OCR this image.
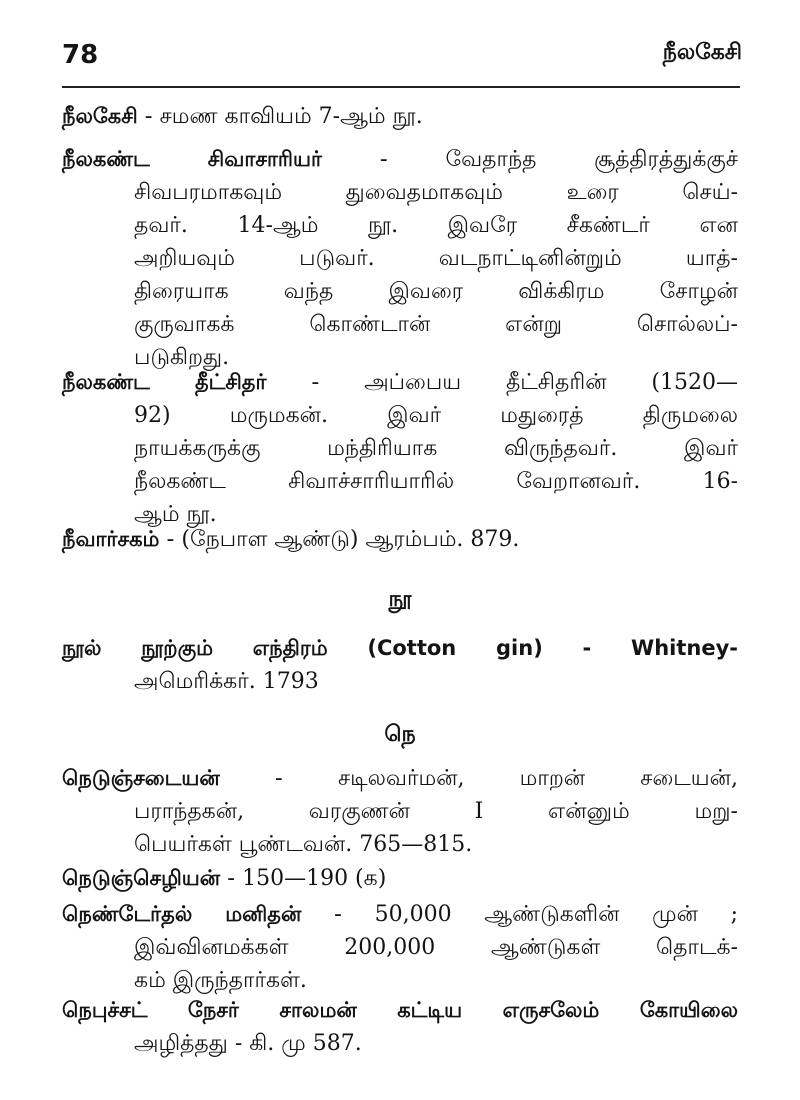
78	நீலகேசி
நீலகேசி - சமண காவியம் 7-ஆம் நூ.
நீலகண்ட சிவாசாரியர் - வேதாந்த சூத்திரத்துக்குச்
சிவபரமாகவும் துவைதமாகவும் உரை செய்-
தவர். 14-ஆம் நூ. இவரே சீகண்டர் என
அறியவும் படுவர். வடநாட்டினின்றும் யாத்-
திரையாக வந்த இவரை விக்கிரம சோழன்
குருவாகக் கொண்டான் என்று சொல்லப்-
படுகிறது.
நீலகண்ட தீட்சிதர் - அப்பைய தீட்சிதரின் (1520—
92) மருமகன். இவர் மதுரைத் திருமலை
நாயக்கருக்கு மந்திரியாக விருந்தவர். இவர்
நீலகண்ட சிவாச்சாரியாரில் வேறானவர். 16-
ஆம் நூ.
நீவார்சகம் - (நேபாள ஆண்டு) ஆரம்பம். 879.
நூ
நூல் நூற்கும் எந்திரம் (Cotton gin) - Whitney-
அமெரிக்கர். 1793
நெ
நெடுஞ்சடையன் - சடிலவர்மன், மாறன் சடையன்,
பராந்தகன், வரகுணன் I என்னும் மறு-
பெயர்கள் பூண்டவன். 765—815.
நெடுஞ்செழியன் - 150—190 (க)
நெண்டேர்தல் மனிதன் - 50,000 ஆண்டுகளின் முன் ;
இவ்வினமக்கள் 200,000 ஆண்டுகள் தொடக்-
கம் இருந்தார்கள்.
நெபுச்சட் நேசர் சாலமன் கட்டிய எருசலேம் கோயிலை
அழித்தது - கி. மு 587.
